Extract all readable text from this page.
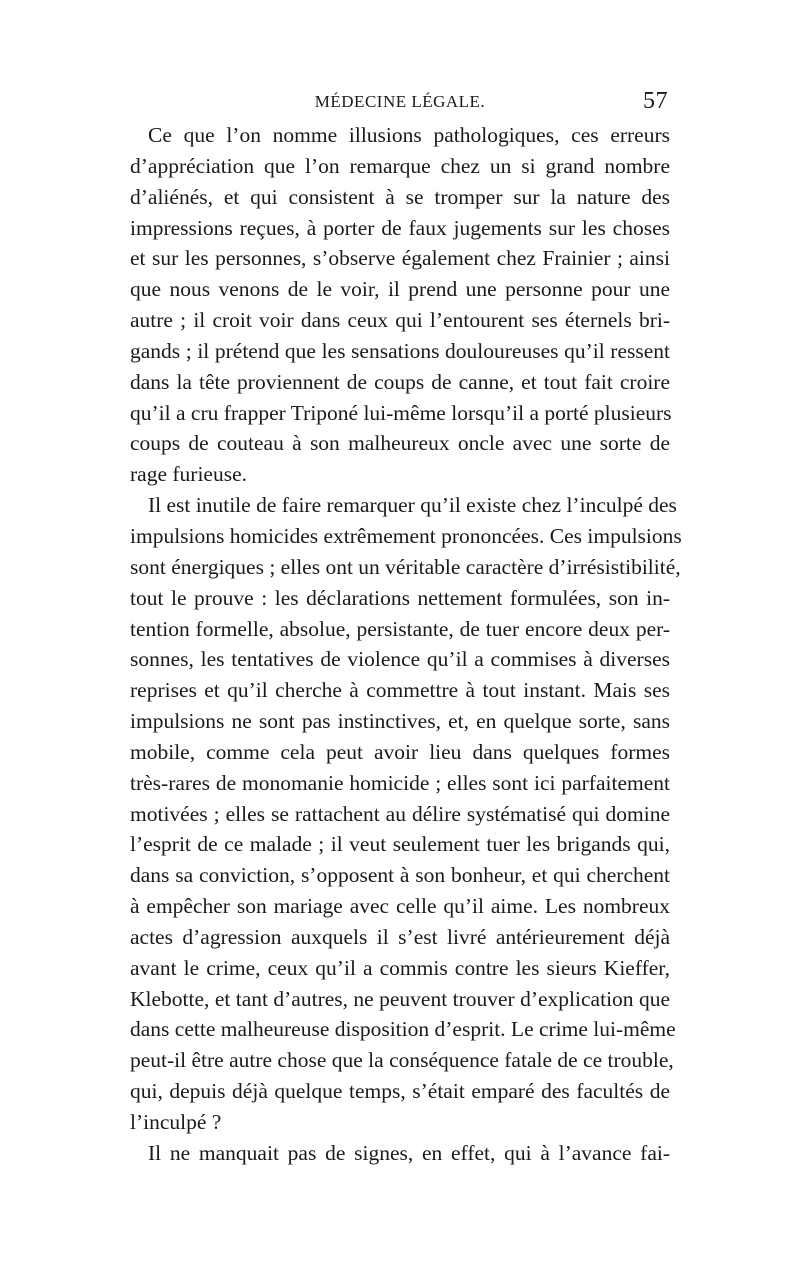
MÉDECINE LÉGALE.	57

Ce que l’on nomme illusions pathologiques, ces erreurs
d’appréciation que l’on remarque chez un si grand nombre
d’aliénés, et qui consistent à se tromper sur la nature des
impressions reçues, à porter de faux jugements sur les choses
et sur les personnes, s’observe également chez Frainier ; ainsi
que nous venons de le voir, il prend une personne pour une
autre ; il croit voir dans ceux qui l’entourent ses éternels bri-
gands ; il prétend que les sensations douloureuses qu’il ressent
dans la tête proviennent de coups de canne, et tout fait croire
qu’il a cru frapper Triponé lui-même lorsqu’il a porté plusieurs
coups de couteau à son malheureux oncle avec une sorte de
rage furieuse.

Il est inutile de faire remarquer qu’il existe chez l’inculpé des
impulsions homicides extrêmement prononcées. Ces impulsions
sont énergiques ; elles ont un véritable caractère d’irrésistibilité,
tout le prouve : les déclarations nettement formulées, son in-
tention formelle, absolue, persistante, de tuer encore deux per-
sonnes, les tentatives de violence qu’il a commises à diverses
reprises et qu’il cherche à commettre à tout instant. Mais ses
impulsions ne sont pas instinctives, et, en quelque sorte, sans
mobile, comme cela peut avoir lieu dans quelques formes
très-rares de monomanie homicide ; elles sont ici parfaitement
motivées ; elles se rattachent au délire systématisé qui domine
l’esprit de ce malade ; il veut seulement tuer les brigands qui,
dans sa conviction, s’opposent à son bonheur, et qui cherchent
à empêcher son mariage avec celle qu’il aime. Les nombreux
actes d’agression auxquels il s’est livré antérieurement déjà
avant le crime, ceux qu’il a commis contre les sieurs Kieffer,
Klebotte, et tant d’autres, ne peuvent trouver d’explication que
dans cette malheureuse disposition d’esprit. Le crime lui-même
peut-il être autre chose que la conséquence fatale de ce trouble,
qui, depuis déjà quelque temps, s’était emparé des facultés de
l’inculpé ?

Il ne manquait pas de signes, en effet, qui à l’avance fai-
